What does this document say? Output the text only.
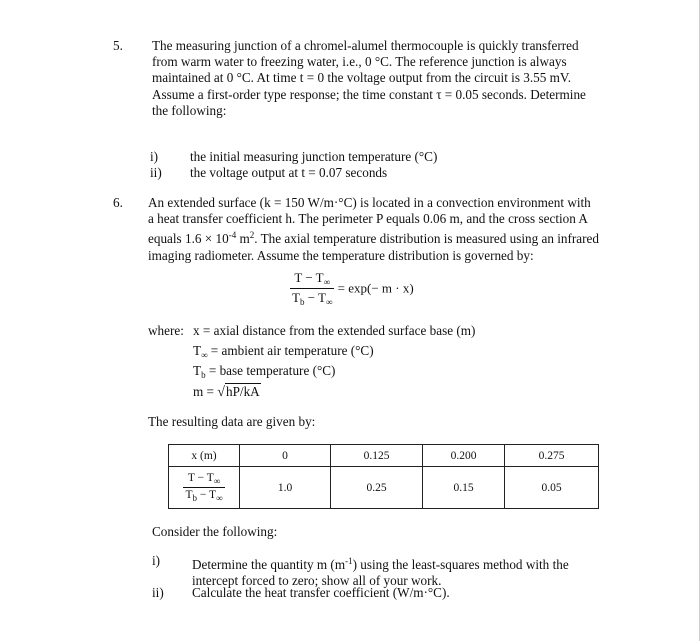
5. The measuring junction of a chromel-alumel thermocouple is quickly transferred
from warm water to freezing water, i.e., 0 °C. The reference junction is always
maintained at 0 °C. At time t = 0 the voltage output from the circuit is 3.55 mV.
Assume a first-order type response; the time constant τ = 0.05 seconds. Determine
the following:
i) the initial measuring junction temperature (°C)
ii) the voltage output at t = 0.07 seconds
6. An extended surface (k = 150 W/m·°C) is located in a convection environment with
a heat transfer coefficient h. The perimeter P equals 0.06 m, and the cross section A
equals $1.6 \times 10^{-4}$ $m^2$. The axial temperature distribution is measured using an infrared
imaging radiometer. Assume the temperature distribution is governed by:
$\frac{T - T_\infty}{T_b - T_\infty} = \exp(- m \cdot x)$
where: x = axial distance from the extended surface base (m)
$T_\infty$ = ambient air temperature (°C)
$T_b$ = base temperature (°C)
m = √hP/kA
The resulting data are given by:
x (m)	0	0.125	0.200	0.275

$\frac{T - T_\infty}{T_b - T_\infty}$	1.0	0.25	0.15	0.05
Consider the following:
i) Determine the quantity m $(m^{-1})$ using the least-squares method with the
intercept forced to zero; show all of your work.
ii) Calculate the heat transfer coefficient (W/m·°C).
